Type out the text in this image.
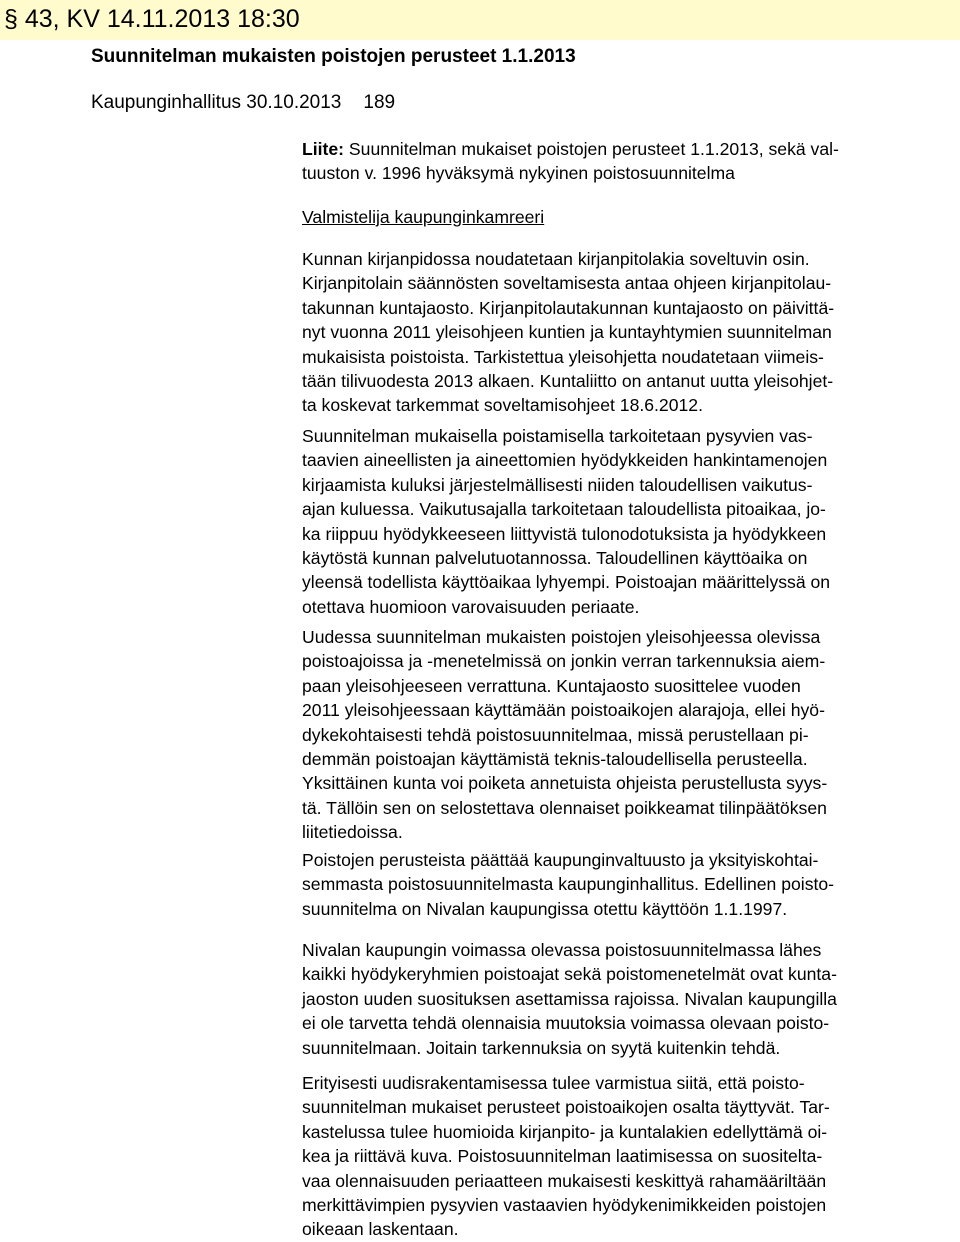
§ 43, KV 14.11.2013 18:30
Suunnitelman mukaisten poistojen perusteet 1.1.2013
Kaupunginhallitus 30.10.2013 189
Liite: Suunnitelman mukaiset poistojen perusteet 1.1.2013, sekä val-
tuuston v. 1996 hyväksymä nykyinen poistosuunnitelma
Valmistelija kaupunginkamreeri
Kunnan kirjanpidossa noudatetaan kirjanpitolakia soveltuvin osin.
Kirjanpitolain säännösten soveltamisesta antaa ohjeen kirjanpitolau-
takunnan kuntajaosto. Kirjanpitolautakunnan kuntajaosto on päivittä-
nyt vuonna 2011 yleisohjeen kuntien ja kuntayhtymien suunnitelman
mukaisista poistoista. Tarkistettua yleisohjetta noudatetaan viimeis-
tään tilivuodesta 2013 alkaen. Kuntaliitto on antanut uutta yleisohjet-
ta koskevat tarkemmat soveltamisohjeet 18.6.2012.
Suunnitelman mukaisella poistamisella tarkoitetaan pysyvien vas-
taavien aineellisten ja aineettomien hyödykkeiden hankintamenojen
kirjaamista kuluksi järjestelmällisesti niiden taloudellisen vaikutus-
ajan kuluessa. Vaikutusajalla tarkoitetaan taloudellista pitoaikaa, jo-
ka riippuu hyödykkeeseen liittyvistä tulonodotuksista ja hyödykkeen
käytöstä kunnan palvelutuotannossa. Taloudellinen käyttöaika on
yleensä todellista käyttöaikaa lyhyempi. Poistoajan määrittelyssä on
otettava huomioon varovaisuuden periaate.
Uudessa suunnitelman mukaisten poistojen yleisohjeessa olevissa
poistoajoissa ja -menetelmissä on jonkin verran tarkennuksia aiem-
paan yleisohjeeseen verrattuna. Kuntajaosto suosittelee vuoden
2011 yleisohjeessaan käyttämään poistoaikojen alarajoja, ellei hyö-
dykekohtaisesti tehdä poistosuunnitelmaa, missä perustellaan pi-
demmän poistoajan käyttämistä teknis-taloudellisella perusteella.
Yksittäinen kunta voi poiketa annetuista ohjeista perustellusta syys-
tä. Tällöin sen on selostettava olennaiset poikkeamat tilinpäätöksen
liitetiedoissa.
Poistojen perusteista päättää kaupunginvaltuusto ja yksityiskohtai-
semmasta poistosuunnitelmasta kaupunginhallitus. Edellinen poisto-
suunnitelma on Nivalan kaupungissa otettu käyttöön 1.1.1997.
Nivalan kaupungin voimassa olevassa poistosuunnitelmassa lähes
kaikki hyödykeryhmien poistoajat sekä poistomenetelmät ovat kunta-
jaoston uuden suosituksen asettamissa rajoissa. Nivalan kaupungilla
ei ole tarvetta tehdä olennaisia muutoksia voimassa olevaan poisto-
suunnitelmaan. Joitain tarkennuksia on syytä kuitenkin tehdä.
Erityisesti uudisrakentamisessa tulee varmistua siitä, että poisto-
suunnitelman mukaiset perusteet poistoaikojen osalta täyttyvät. Tar-
kastelussa tulee huomioida kirjanpito- ja kuntalakien edellyttämä oi-
kea ja riittävä kuva. Poistosuunnitelman laatimisessa on suositelta-
vaa olennaisuuden periaatteen mukaisesti keskittyä rahamääriltään
merkittävimpien pysyvien vastaavien hyödykenimikkeiden poistojen
oikeaan laskentaan.
